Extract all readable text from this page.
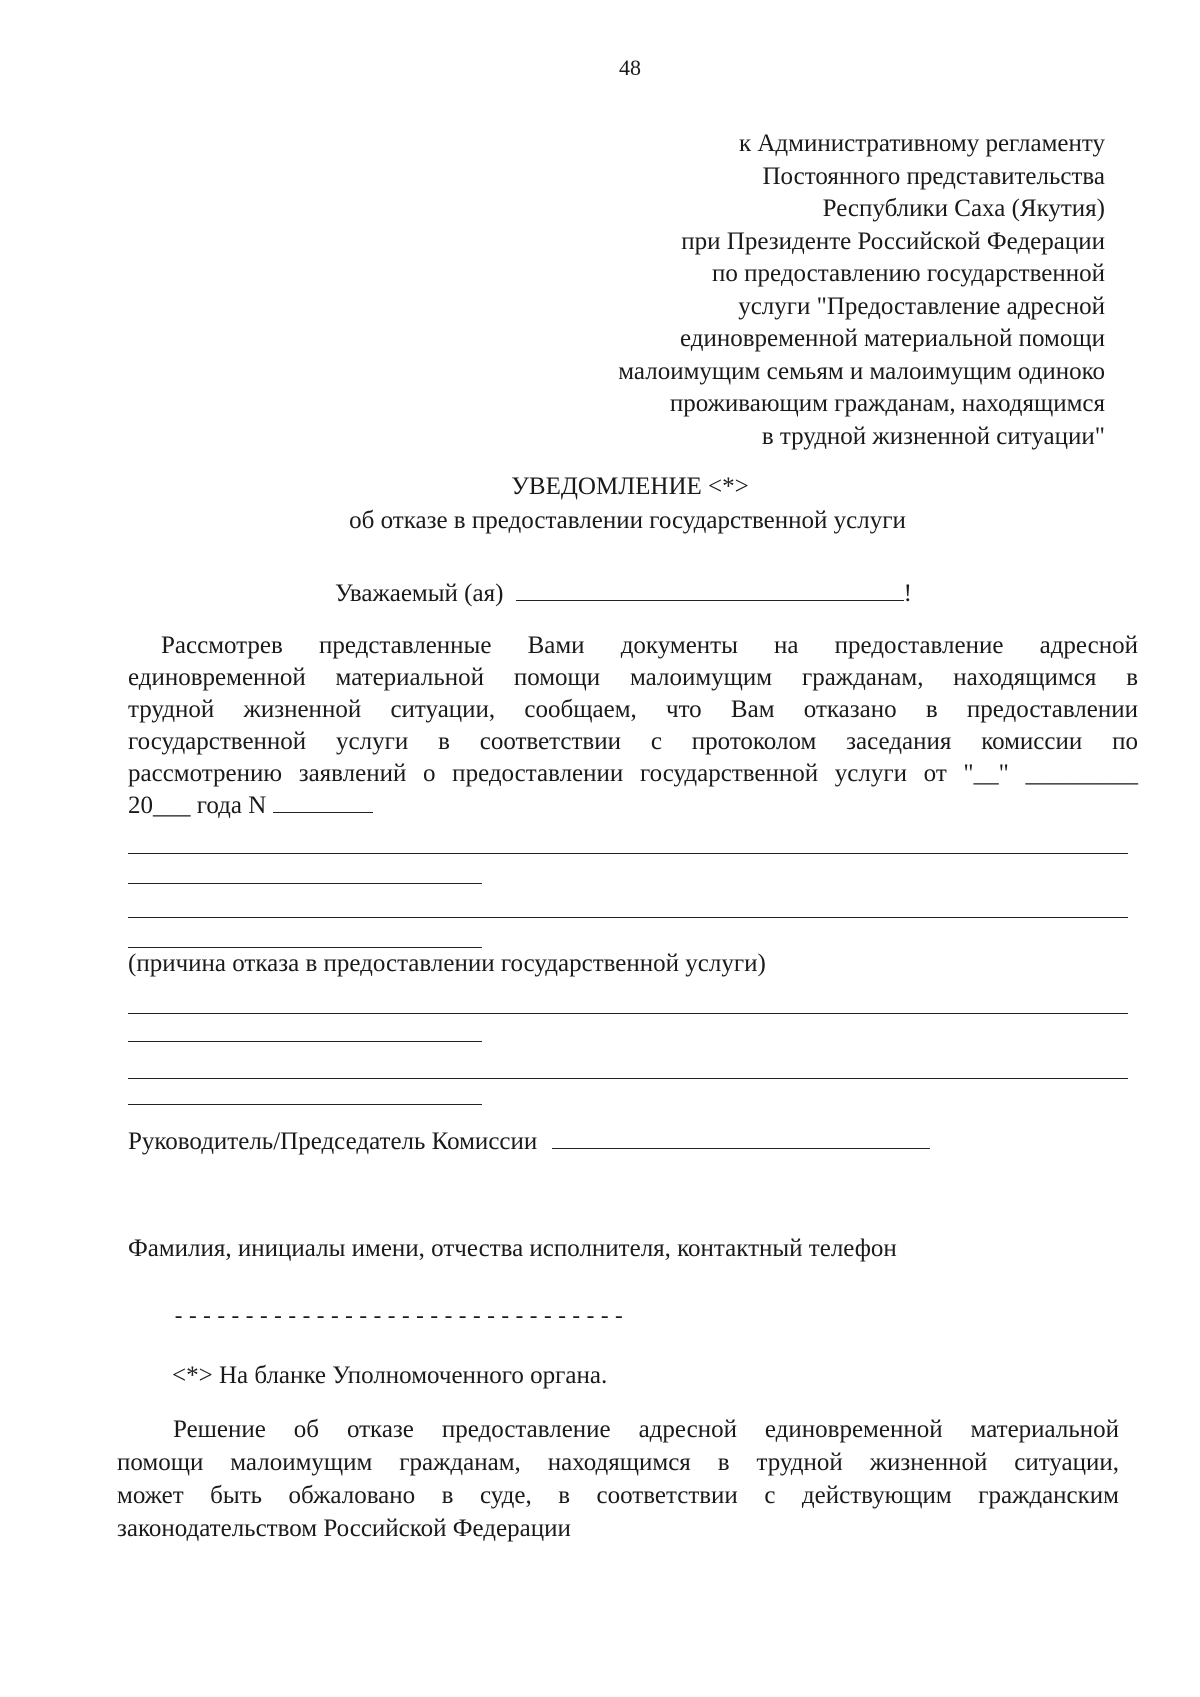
48
к Административному регламенту
Постоянного представительства
Республики Саха (Якутия)
при Президенте Российской Федерации
по предоставлению государственной
услуги "Предоставление адресной
единовременной материальной помощи
малоимущим семьям и малоимущим одиноко
проживающим гражданам, находящимся
в трудной жизненной ситуации"
УВЕДОМЛЕНИЕ <*>
об отказе в предоставлении государственной услуги
Уважаемый (ая)	!
Рассмотрев представленные Вами документы на предоставление адресной
единовременной материальной помощи малоимущим гражданам, находящимся в
трудной жизненной ситуации, сообщаем, что Вам отказано в предоставлении
государственной услуги в соответствии с протоколом заседания комиссии по
рассмотрению заявлений о предоставлении государственной услуги от "__" _________
20___ года N
(причина отказа в предоставлении государственной услуги)
Руководитель/Председатель Комиссии
Фамилия, инициалы имени, отчества исполнителя, контактный телефон
--------------------------------
<*> На бланке Уполномоченного органа.
Решение об отказе предоставление адресной единовременной материальной
помощи малоимущим гражданам, находящимся в трудной жизненной ситуации,
может быть обжаловано в суде, в соответствии с действующим гражданским
законодательством Российской Федерации
